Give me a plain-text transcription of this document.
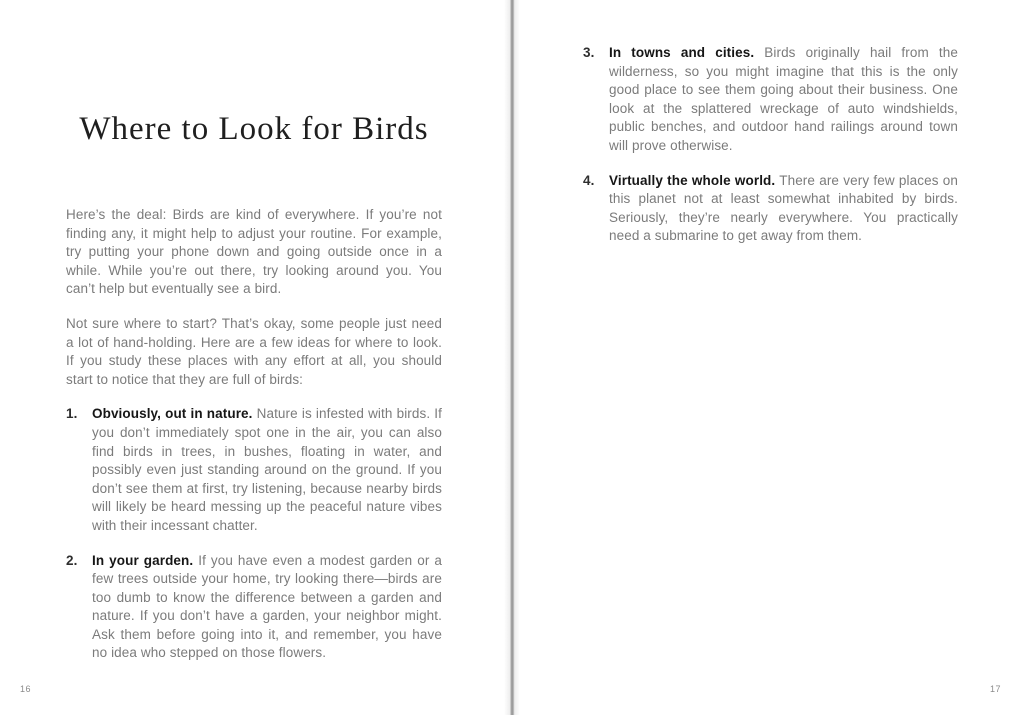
Where to Look for Birds

Here’s the deal: Birds are kind of everywhere. If you’re not finding any, it might help to adjust your routine. For example, try putting your phone down and going outside once in a while. While you’re out there, try looking around you. You can’t help but eventually see a bird.

Not sure where to start? That’s okay, some people just need a lot of hand-holding. Here are a few ideas for where to look. If you study these places with any effort at all, you should start to notice that they are full of birds:

1.	Obviously, out in nature. Nature is infested with birds. If you don’t immediately spot one in the air, you can also find birds in trees, in bushes, floating in water, and possibly even just standing around on the ground. If you don’t see them at first, try listening, because nearby birds will likely be heard messing up the peaceful nature vibes with their incessant chatter.
2.	In your garden. If you have even a modest garden or a few trees outside your home, try looking there—birds are too dumb to know the difference between a garden and nature. If you don’t have a garden, your neighbor might. Ask them before going into it, and remember, you have no idea who stepped on those flowers.
3.	In towns and cities. Birds originally hail from the wilderness, so you might imagine that this is the only good place to see them going about their business. One look at the splattered wreckage of auto windshields, public benches, and outdoor hand railings around town will prove otherwise.
4.	Virtually the whole world. There are very few places on this planet not at least somewhat inhabited by birds. Seriously, they’re nearly everywhere. You practically need a submarine to get away from them.
16	17
